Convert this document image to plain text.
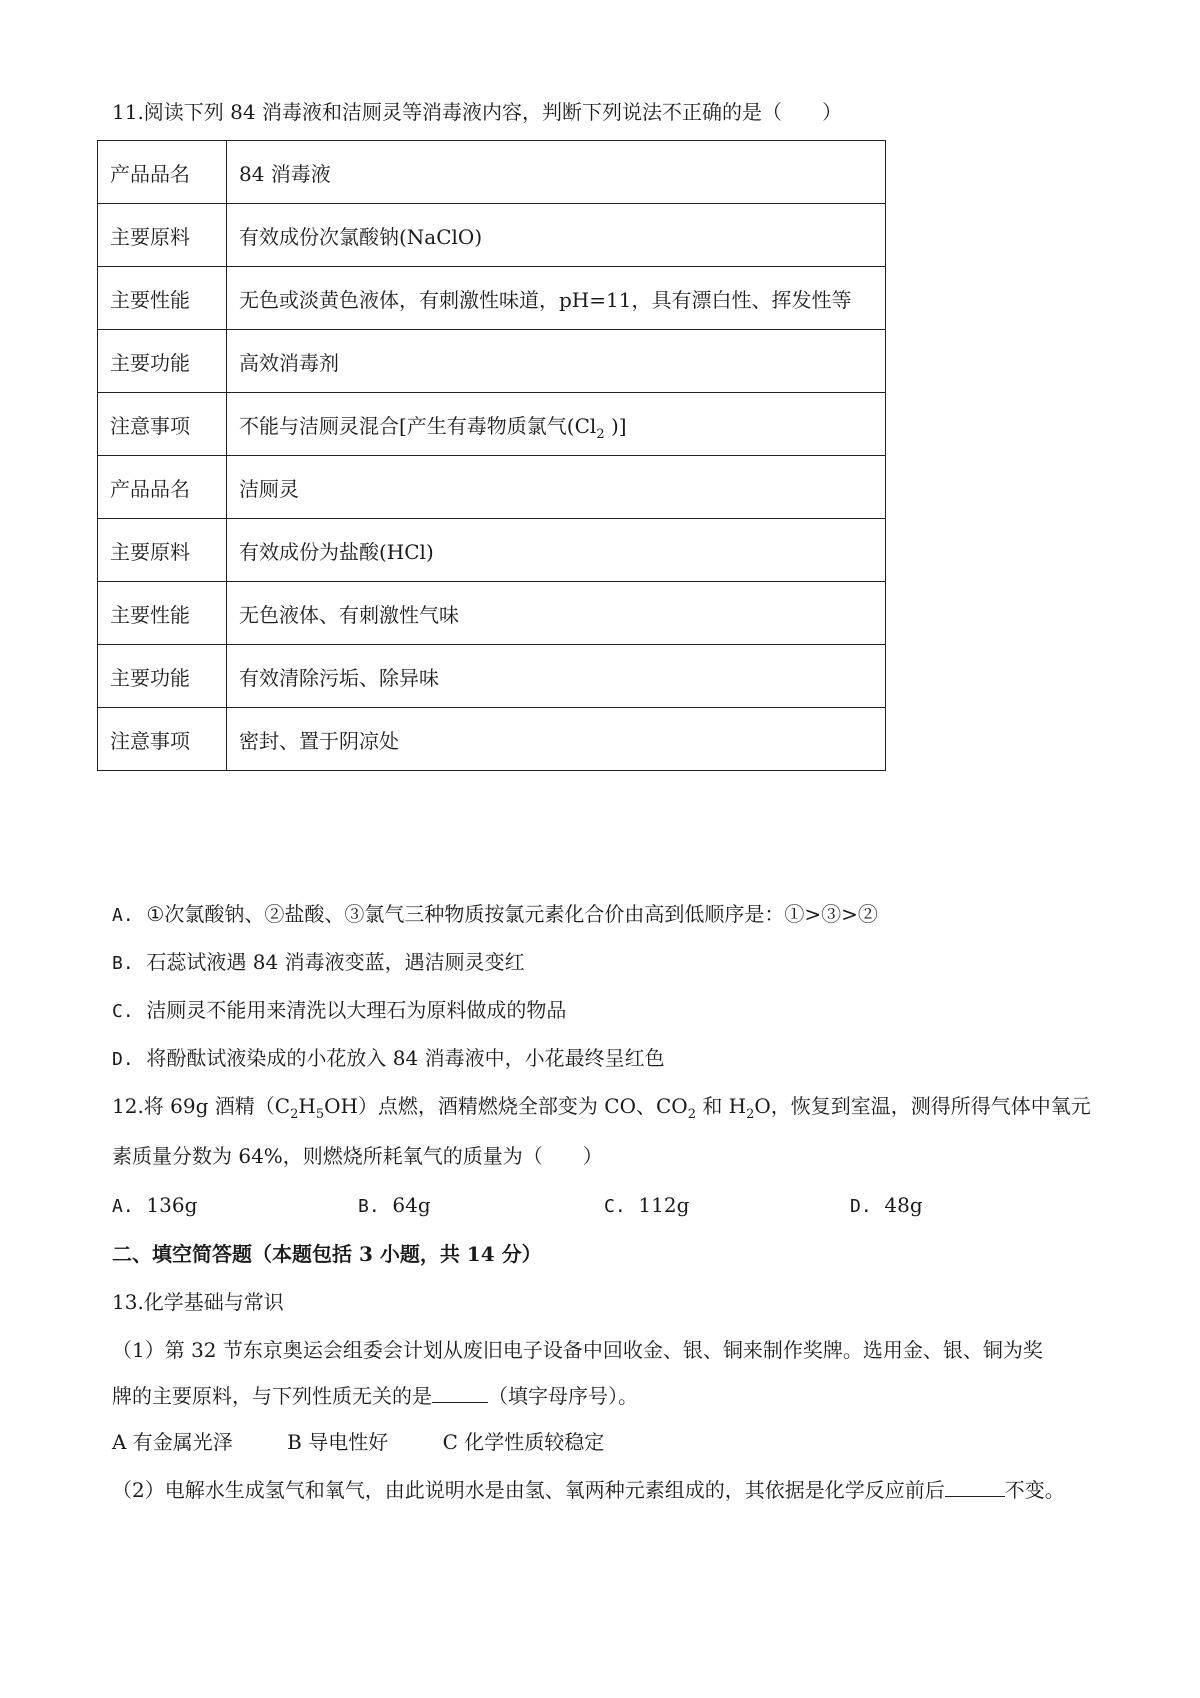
11.阅读下列 84 消毒液和洁厕灵等消毒液内容，判断下列说法不正确的是（　　）

产品品名	84 消毒液
主要原料	有效成份次氯酸钠(NaClO)
主要性能	无色或淡黄色液体，有刺激性味道，pH=11，具有漂白性、挥发性等
主要功能	高效消毒剂
注意事项	不能与洁厕灵混合[产生有毒物质氯气($Cl_2$ )]
产品品名	洁厕灵
主要原料	有效成份为盐酸(HCl)
主要性能	无色液体、有刺激性气味
主要功能	有效清除污垢、除异味
注意事项	密封、置于阴凉处

A. ①次氯酸钠、②盐酸、③氯气三种物质按氯元素化合价由高到低顺序是：①>③>②

B. 石蕊试液遇 84 消毒液变蓝，遇洁厕灵变红

C. 洁厕灵不能用来清洗以大理石为原料做成的物品

D. 将酚酞试液染成的小花放入 84 消毒液中，小花最终呈红色

12.将 69g 酒精$(C_2H_5OH)$点燃，酒精燃烧全部变为 CO、$CO_2$ 和 $H_2O$，恢复到室温，测得所得气体中氧元

素质量分数为 64%，则燃烧所耗氧气的质量为（　　）

A. 136g	B. 64g	C. 112g	D. 48g

二、填空简答题（本题包括 3 小题，共 14 分）

13.化学基础与常识

（1）第 32 节东京奥运会组委会计划从废旧电子设备中回收金、银、铜来制作奖牌。选用金、银、铜为奖

牌的主要原料，与下列性质无关的是	（填字母序号）。

A 有金属光泽	B 导电性好	C 化学性质较稳定

（2）电解水生成氢气和氧气，由此说明水是由氢、氧两种元素组成的，其依据是化学反应前后	不变。
